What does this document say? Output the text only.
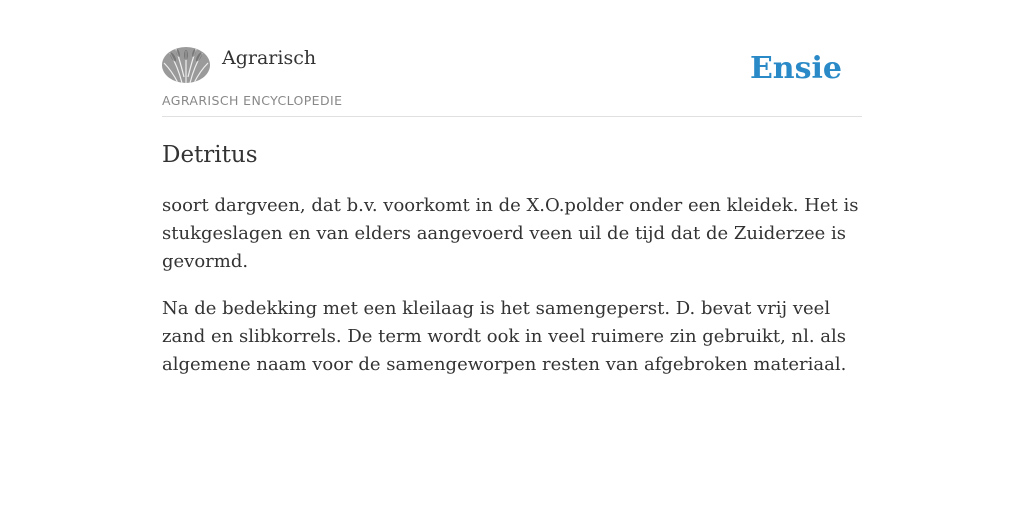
Agrarisch
AGRARISCH ENCYCLOPEDIE
Ensie
Detritus

soort dargveen, dat b.v. voorkomt in de X.O.polder onder een kleidek. Het is stukgeslagen en van elders aangevoerd veen uil de tijd dat de Zuiderzee is gevormd.

Na de bedekking met een kleilaag is het samengeperst. D. bevat vrij veel zand en slibkorrels. De term wordt ook in veel ruimere zin gebruikt, nl. als algemene naam voor de samengeworpen resten van afgebroken materiaal.
